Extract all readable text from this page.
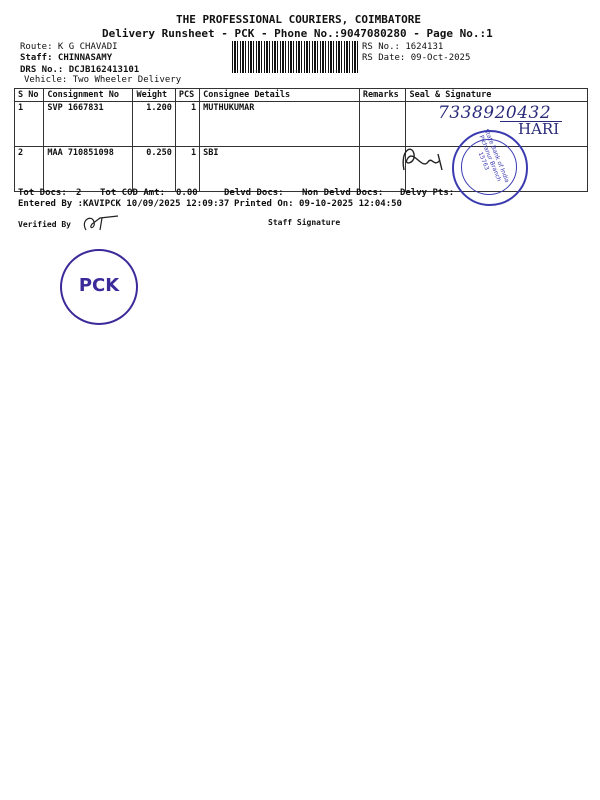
THE PROFESSIONAL COURIERS, COIMBATORE
Delivery Runsheet - PCK - Phone No.:9047080280 - Page No.:1
Route: K G CHAVADI
Staff: CHINNASAMY
DRS No.: DCJB162413101
Vehicle: Two Wheeler Delivery
RS No.: 1624131
RS Date: 09-Oct-2025
S No	Consignment No	Weight	PCS	Consignee Details	Remarks	Seal & Signature
1	SVP 1667831	1.200	1	MUTHUKUMAR		
2	MAA 710851098	0.250	1	SBI		
7338920432
HARI
State Bank of India Pichanur Branch 15763
Tot Docs: 2 Tot COD Amt: 0.00	Delvd Docs: Non Delvd Docs: Delvy Pts:
Entered By :KAVIPCK 10/09/2025 12:09:37 Printed On: 09-10-2025 12:04:50
Verified By	Staff Signature
PCK
